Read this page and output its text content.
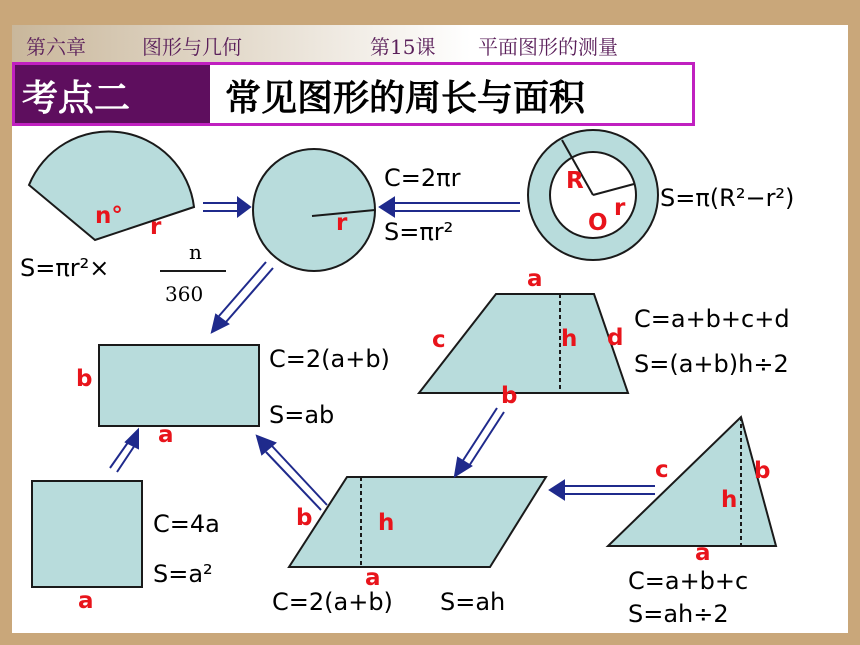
第六章	图形与几何	第15课 平面图形的测量
考点二	常见图形的周长与面积
n° r
S=πr²×
n
360
r
C=2πr
S=πr²
R
r
O
S=π(R²−r²)
b
a
C=2(a+b)
S=ab
a
c	h d
b
C=a+b+c+d
S=(a+b)h÷2
a
C=4a
S=a²
b	h
a
C=2(a+b) S=ah
c	b
h
a
C=a+b+c
S=ah÷2
